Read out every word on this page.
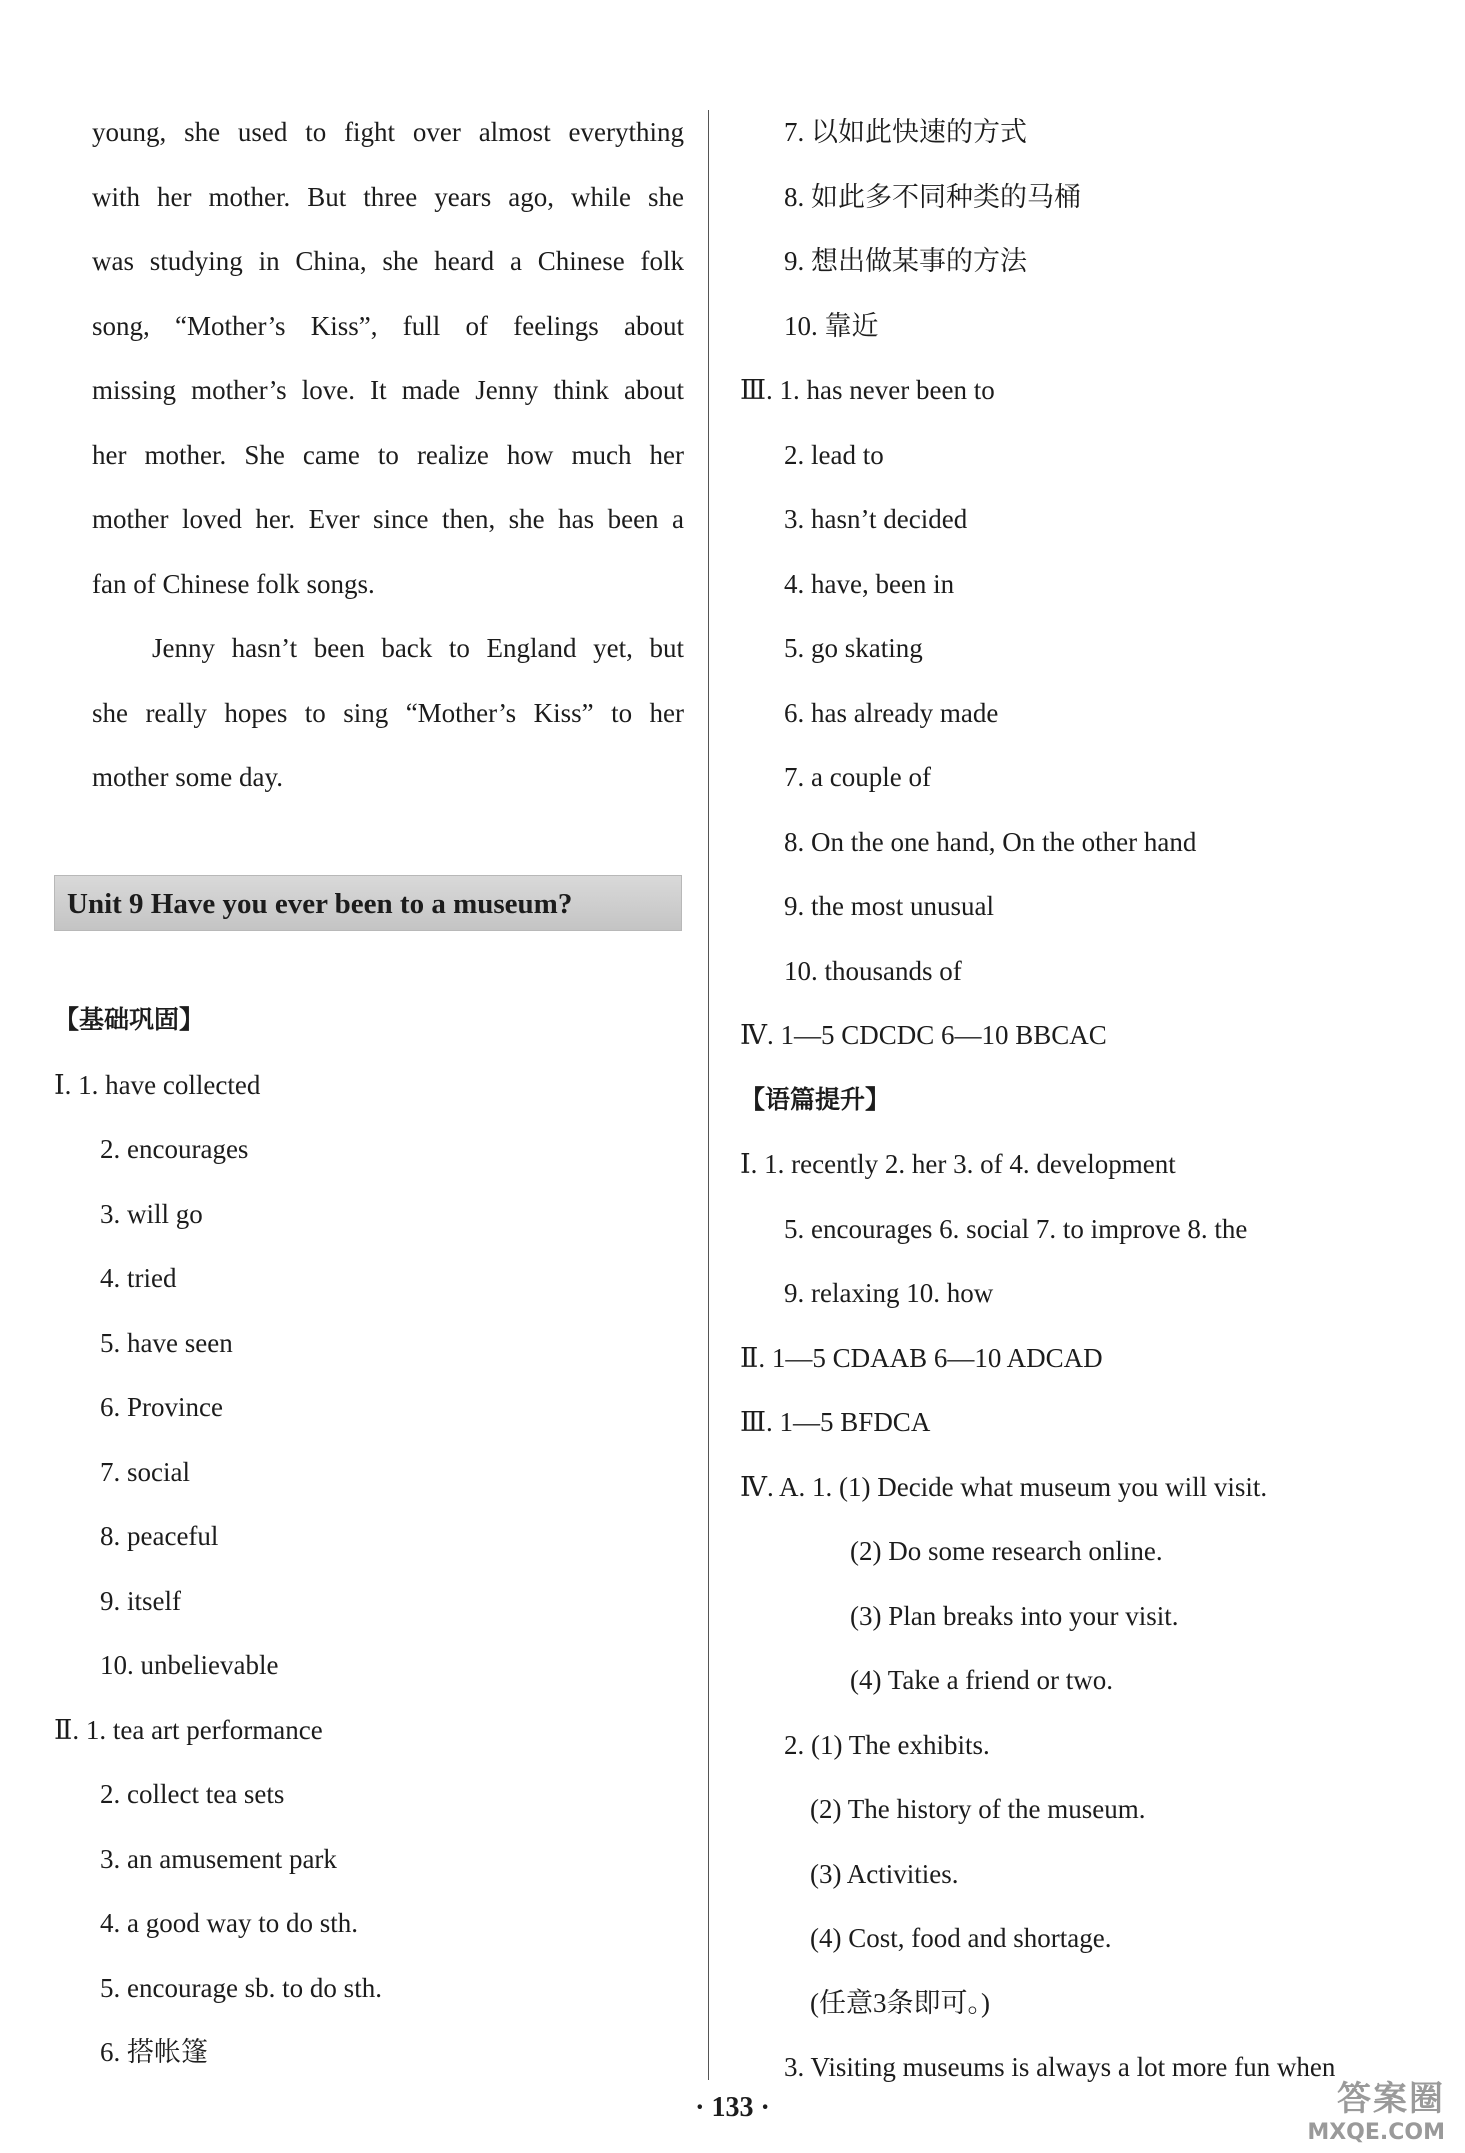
young, she used to fight over almost everything
with her mother. But three years ago, while she
was studying in China, she heard a Chinese folk
song, “Mother’s Kiss”, full of feelings about
missing mother’s love. It made Jenny think about
her mother. She came to realize how much her
mother loved her. Ever since then, she has been a
fan of Chinese folk songs.
Jenny hasn’t been back to England yet, but
she really hopes to sing “Mother’s Kiss” to her
mother some day.
Unit 9 Have you ever been to a museum?
【基础巩固】
Ⅰ. 1. have collected
2. encourages
3. will go
4. tried
5. have seen
6. Province
7. social
8. peaceful
9. itself
10. unbelievable
Ⅱ. 1. tea art performance
2. collect tea sets
3. an amusement park
4. a good way to do sth.
5. encourage sb. to do sth.
6. 搭帐篷
7. 以如此快速的方式
8. 如此多不同种类的马桶
9. 想出做某事的方法
10. 靠近
Ⅲ. 1. has never been to
2. lead to
3. hasn’t decided
4. have, been in
5. go skating
6. has already made
7. a couple of
8. On the one hand, On the other hand
9. the most unusual
10. thousands of
Ⅳ. 1—5 CDCDC 6—10 BBCAC
【语篇提升】
Ⅰ. 1. recently 2. her 3. of 4. development
5. encourages 6. social 7. to improve 8. the
9. relaxing 10. how
Ⅱ. 1—5 CDAAB 6—10 ADCAD
Ⅲ. 1—5 BFDCA
Ⅳ. A. 1. (1) Decide what museum you will visit.
(2) Do some research online.
(3) Plan breaks into your visit.
(4) Take a friend or two.
2. (1) The exhibits.
(2) The history of the museum.
(3) Activities.
(4) Cost, food and shortage.
(任意3条即可。)
3. Visiting museums is always a lot more fun when
· 133 ·	答案圈
MXQE.COM
